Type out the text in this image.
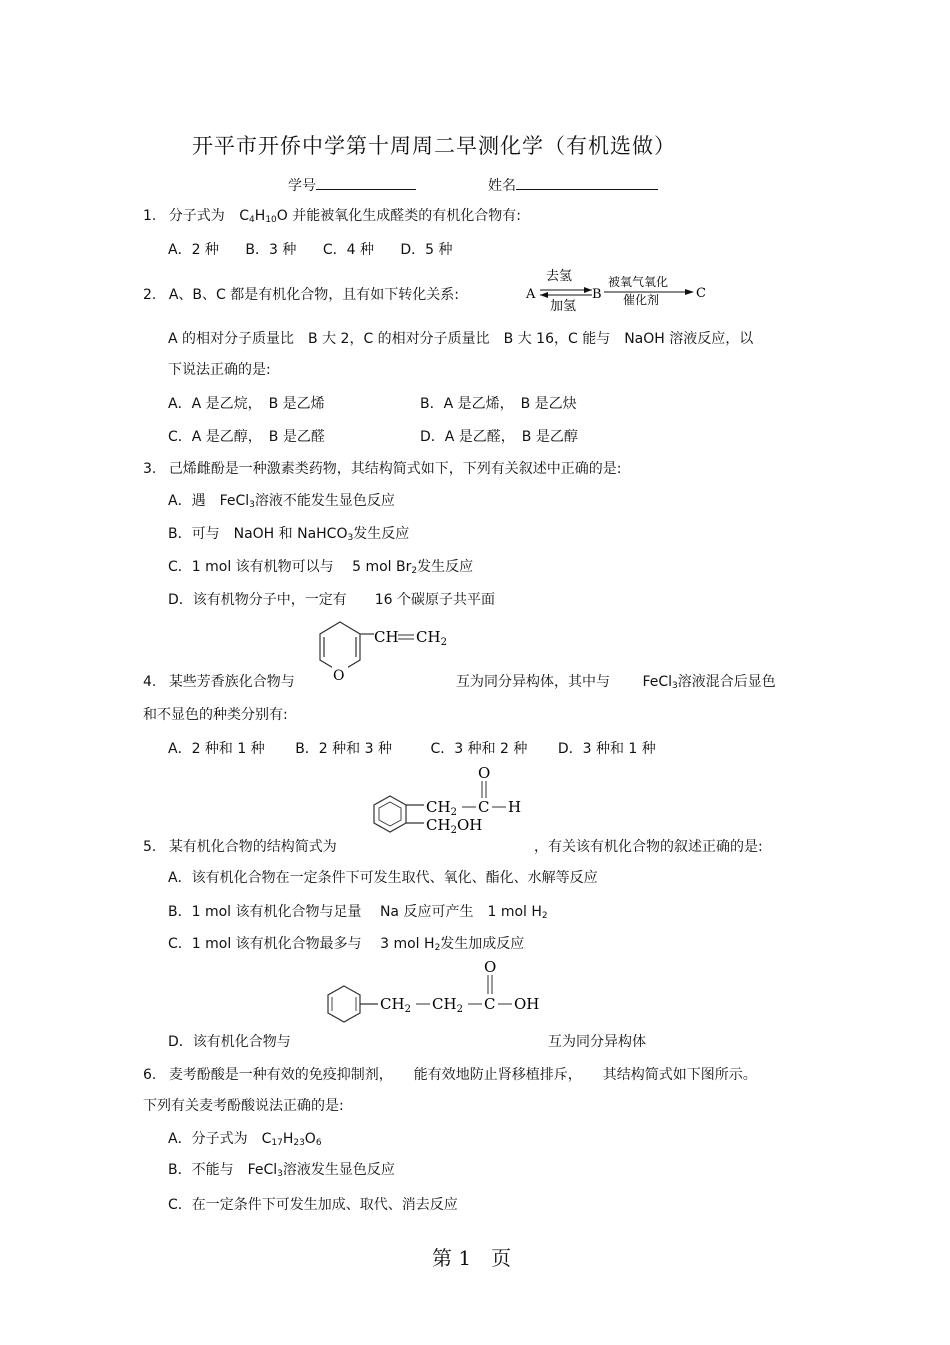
开平市开侨中学第十周周二早测化学（有机选做）
学号	姓名
1. 分子式为 $C_4H_{10}O$ 并能被氧化生成醛类的有机化合物有:
A．2 种 B．3 种 C．4 种 D．5 种
2. A、B、C 都是有机化合物，且有如下转化关系:	A
去氢
加氢
B
被氧气氧化
催化剂	C
A 的相对分子质量比　B 大 2，C 的相对分子质量比　B 大 16，C 能与　NaOH 溶液反应，以
下说法正确的是:
A．A 是乙烷，　B 是乙烯	B．A 是乙烯，　B 是乙炔
C．A 是乙醇，　B 是乙醛	D．A 是乙醛，　B 是乙醇
3. 己烯雌酚是一种激素类药物，其结构简式如下，下列有关叙述中正确的是:
A．遇　FeCl$_3$溶液不能发生显色反应
B．可与　NaOH 和 NaHCO$_3$发生反应
C．1 mol 该有机物可以与　 5 mol $Br_2$发生反应
D．该有机物分子中，一定有　　16 个碳原子共平面
O
CH $CH_2$
4. 某些芳香族化合物与	互为同分异构体，其中与 FeCl$_3$溶液混合后显色
和不显色的种类分别有:
A．2 种和 1 种 B．2 种和 3 种	C．3 种和 2 种 D．3 种和 1 种
$CH_2$ C
O
H
$CH_2OH$
5. 某有机化合物的结构简式为	，有关该有机化合物的叙述正确的是:
A．该有机化合物在一定条件下可发生取代、氧化、酯化、水解等反应
B．1 mol 该有机化合物与足量　 Na 反应可产生　1 mol $H_2$
C．1 mol 该有机化合物最多与　 3 mol $H_2$发生加成反应
$CH_2$ $CH_2$ C
O
OH
D．该有机化合物与	互为同分异构体
6. 麦考酚酸是一种有效的免疫抑制剂，　　能有效地防止肾移植排斥，　　其结构简式如下图所示。
下列有关麦考酚酸说法正确的是:
A．分子式为　$C_{17}H_{23}O_6$
B．不能与　FeCl$_3$溶液发生显色反应
C．在一定条件下可发生加成、取代、消去反应
第 1　页
